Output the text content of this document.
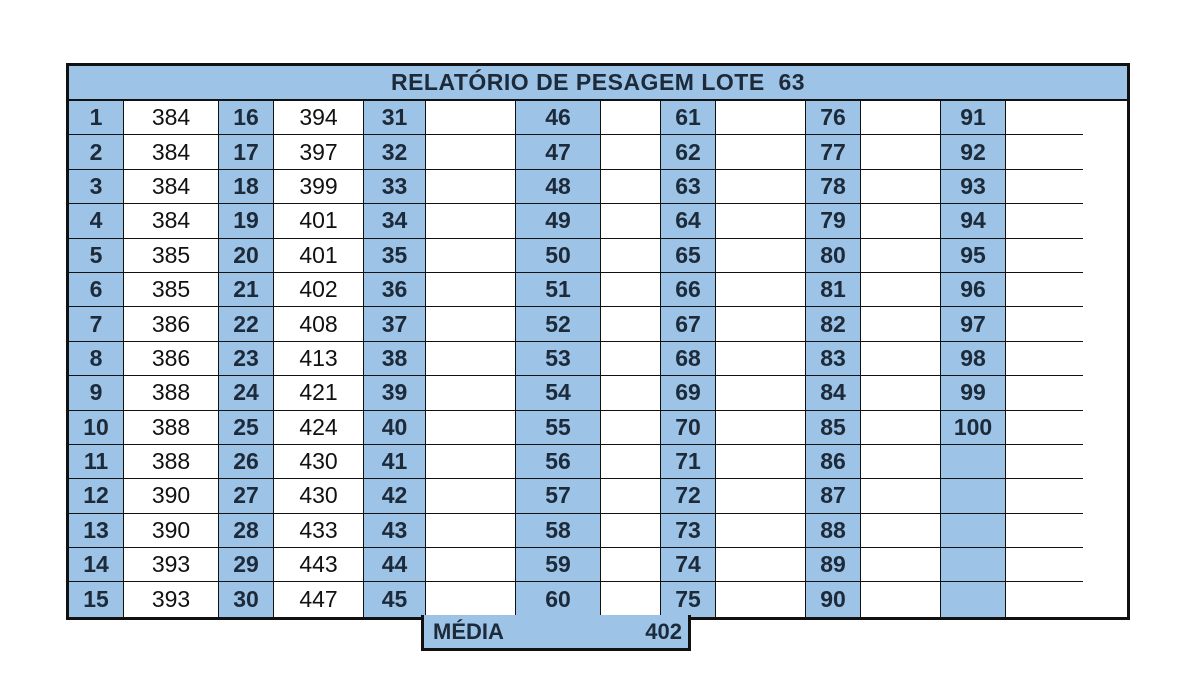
RELATÓRIO DE PESAGEM LOTE  63
1	384	16	394	31	46	61	76	91
2	384	17	397	32	47	62	77	92
3	384	18	399	33	48	63	78	93
4	384	19	401	34	49	64	79	94
5	385	20	401	35	50	65	80	95
6	385	21	402	36	51	66	81	96
7	386	22	408	37	52	67	82	97
8	386	23	413	38	53	68	83	98
9	388	24	421	39	54	69	84	99
10	388	25	424	40	55	70	85	100
11	388	26	430	41	56	71	86
12	390	27	430	42	57	72	87
13	390	28	433	43	58	73	88
14	393	29	443	44	59	74	89
15	393	30	447	45	60	75	90
MÉDIA	402
